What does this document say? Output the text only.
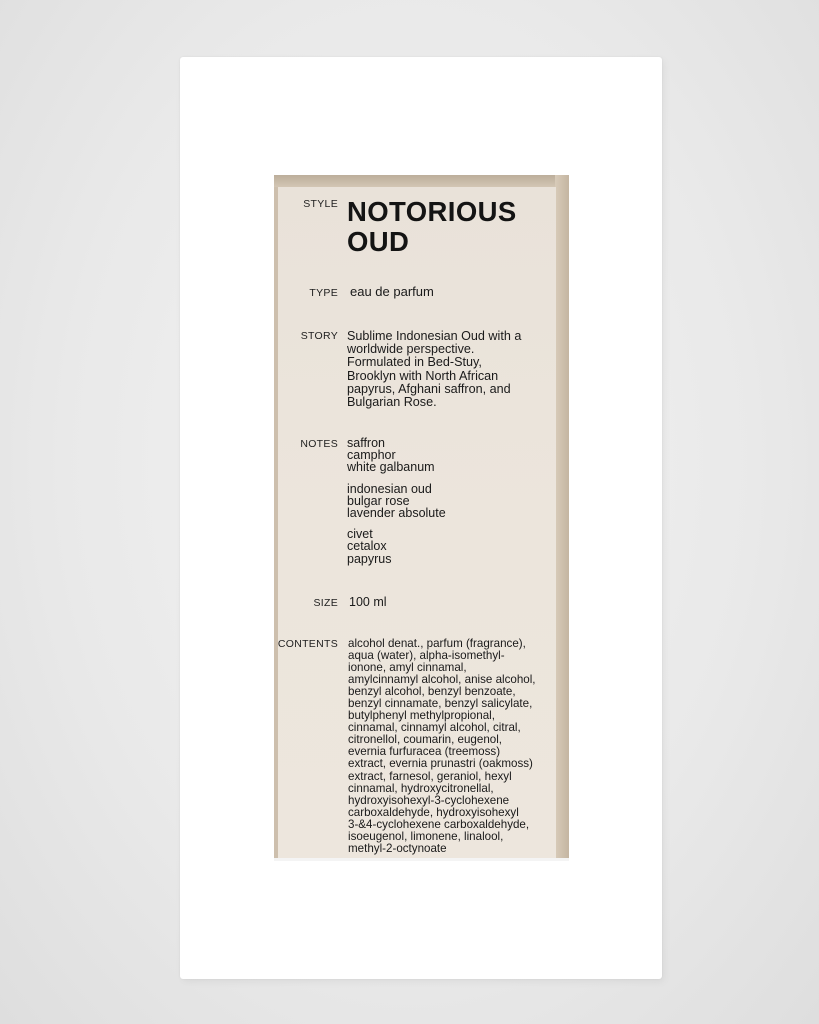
STYLE NOTORIOUS
OUD
TYPE eau de parfum
STORY Sublime Indonesian Oud with a
worldwide perspective.
Formulated in Bed-Stuy,
Brooklyn with North African
papyrus, Afghani saffron, and
Bulgarian Rose.
NOTES saffron
camphor
white galbanum
indonesian oud
bulgar rose
lavender absolute
civet
cetalox
papyrus
SIZE 100 ml
CONTENTS alcohol denat., parfum (fragrance),
aqua (water), alpha-isomethyl-
ionone, amyl cinnamal,
amylcinnamyl alcohol, anise alcohol,
benzyl alcohol, benzyl benzoate,
benzyl cinnamate, benzyl salicylate,
butylphenyl methylpropional,
cinnamal, cinnamyl alcohol, citral,
citronellol, coumarin, eugenol,
evernia furfuracea (treemoss)
extract, evernia prunastri (oakmoss)
extract, farnesol, geraniol, hexyl
cinnamal, hydroxycitronellal,
hydroxyisohexyl-3-cyclohexene
carboxaldehyde, hydroxyisohexyl
3-&4-cyclohexene carboxaldehyde,
isoeugenol, limonene, linalool,
methyl-2-octynoate
